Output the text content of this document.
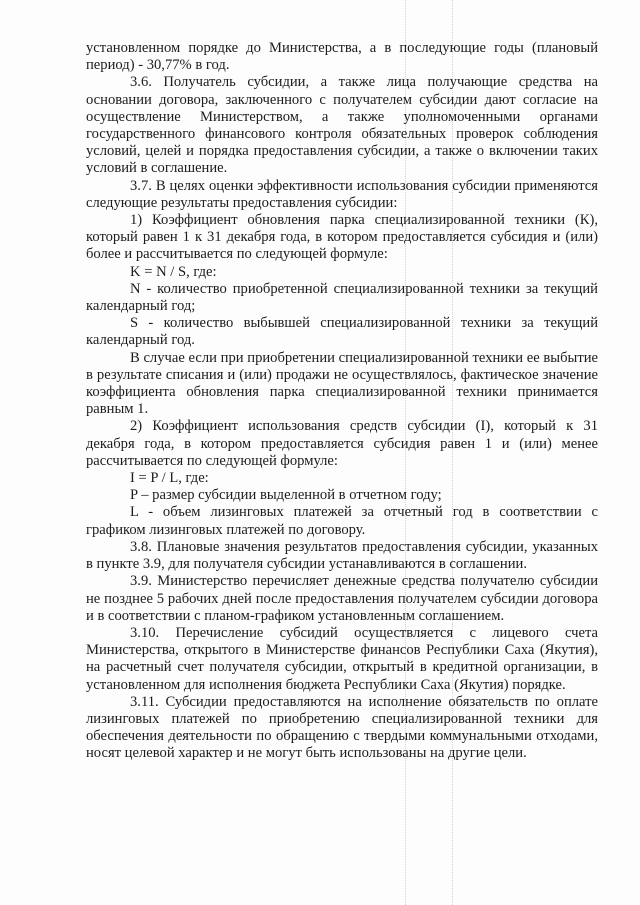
установленном порядке до Министерства, а в последующие годы (плановый период) - 30,77% в год.

3.6. Получатель субсидии, а также лица получающие средства на основании договора, заключенного с получателем субсидии дают согласие на осуществление Министерством, а также уполномоченными органами государственного финансового контроля обязательных проверок соблюдения условий, целей и порядка предоставления субсидии, а также о включении таких условий в соглашение.

3.7. В целях оценки эффективности использования субсидии применяются следующие результаты предоставления субсидии:

1) Коэффициент обновления парка специализированной техники (К), который равен 1 к 31 декабря года, в котором предоставляется субсидия и (или) более и рассчитывается по следующей формуле:

K = N / S, где:

N - количество приобретенной специализированной техники за текущий календарный год;

S - количество выбывшей специализированной техники за текущий календарный год.

В случае если при приобретении специализированной техники ее выбытие в результате списания и (или) продажи не осуществлялось, фактическое значение коэффициента обновления парка специализированной техники принимается равным 1.

2) Коэффициент использования средств субсидии (I), который к 31 декабря года, в котором предоставляется субсидия равен 1 и (или) менее рассчитывается по следующей формуле:

I = P / L, где:

P – размер субсидии выделенной в отчетном году;

L - объем лизинговых платежей за отчетный год в соответствии с графиком лизинговых платежей по договору.

3.8. Плановые значения результатов предоставления субсидии, указанных в пункте 3.9, для получателя субсидии устанавливаются в соглашении.

3.9. Министерство перечисляет денежные средства получателю субсидии не позднее 5 рабочих дней после предоставления получателем субсидии договора и в соответствии с планом-графиком установленным соглашением.

3.10. Перечисление субсидий осуществляется с лицевого счета Министерства, открытого в Министерстве финансов Республики Саха (Якутия), на расчетный счет получателя субсидии, открытый в кредитной организации, в установленном для исполнения бюджета Республики Саха (Якутия) порядке.

3.11. Субсидии предоставляются на исполнение обязательств по оплате лизинговых платежей по приобретению специализированной техники для обеспечения деятельности по обращению с твердыми коммунальными отходами, носят целевой характер и не могут быть использованы на другие цели.
